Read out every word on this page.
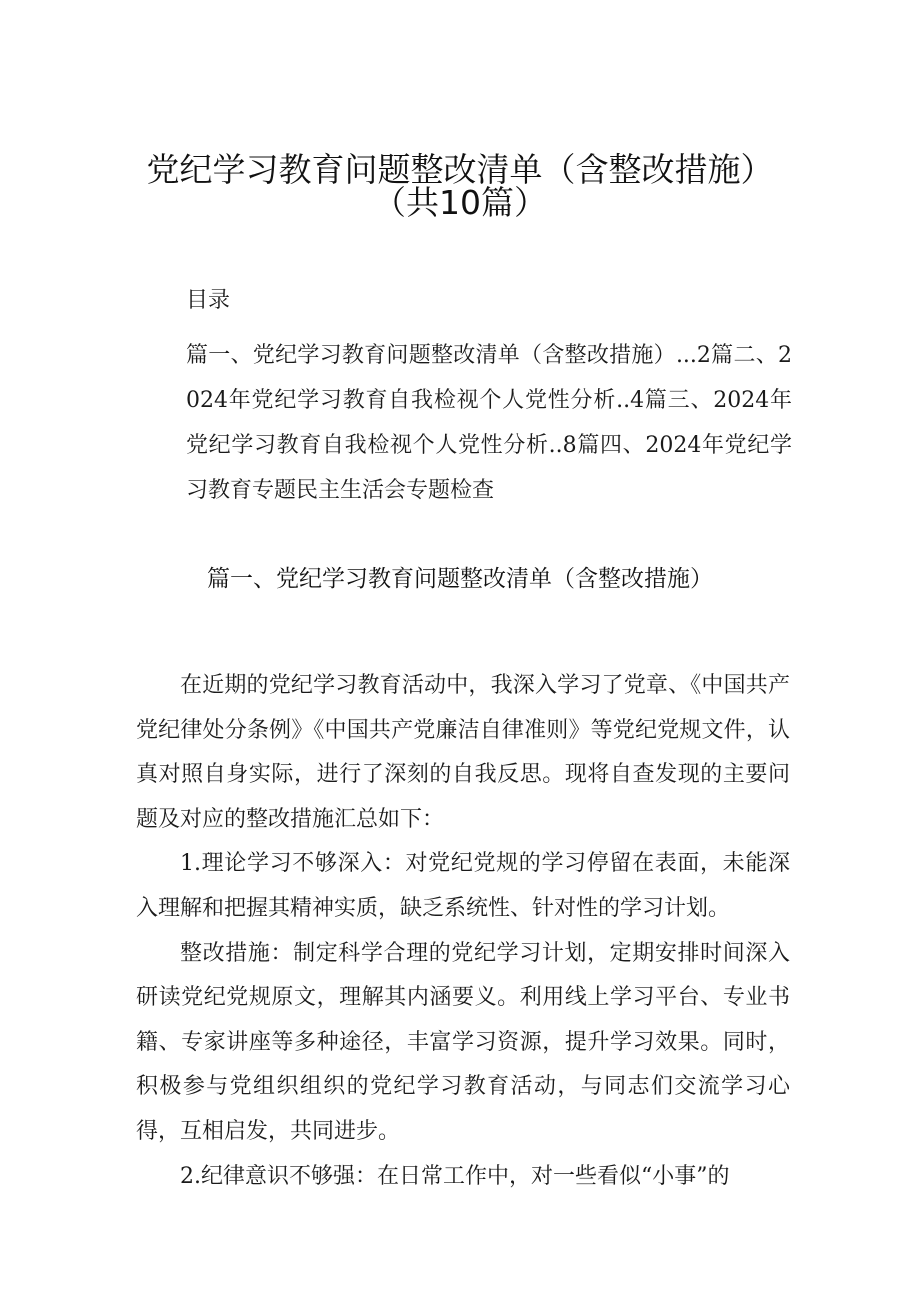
党纪学习教育问题整改清单（含整改措施）
（共10篇）
目录
篇一、党纪学习教育问题整改清单（含整改措施）...2篇二、2024年党纪学习教育自我检视个人党性分析..4篇三、2024年党纪学习教育自我检视个人党性分析..8篇四、2024年党纪学习教育专题民主生活会专题检查
篇一、党纪学习教育问题整改清单（含整改措施）

在近期的党纪学习教育活动中，我深入学习了党章、《中国共产党纪律处分条例》《中国共产党廉洁自律准则》等党纪党规文件，认真对照自身实际，进行了深刻的自我反思。现将自查发现的主要问题及对应的整改措施汇总如下：

1.理论学习不够深入：对党纪党规的学习停留在表面，未能深入理解和把握其精神实质，缺乏系统性、针对性的学习计划。

整改措施：制定科学合理的党纪学习计划，定期安排时间深入研读党纪党规原文，理解其内涵要义。利用线上学习平台、专业书籍、专家讲座等多种途径，丰富学习资源，提升学习效果。同时，积极参与党组织组织的党纪学习教育活动，与同志们交流学习心得，互相启发，共同进步。

2.纪律意识不够强：在日常工作中，对一些看似“小事”的
